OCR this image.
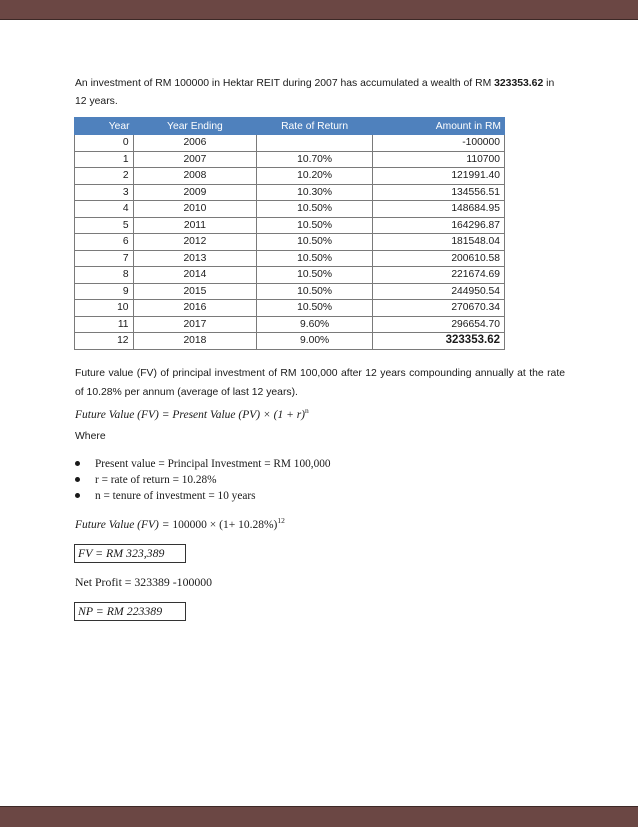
An investment of RM 100000 in Hektar REIT during 2007 has accumulated a wealth of RM 323353.62 in 12 years.
Year	Year Ending	Rate of Return	Amount in RM
0	2006		-100000
1	2007	10.70%	110700
2	2008	10.20%	121991.40
3	2009	10.30%	134556.51
4	2010	10.50%	148684.95
5	2011	10.50%	164296.87
6	2012	10.50%	181548.04
7	2013	10.50%	200610.58
8	2014	10.50%	221674.69
9	2015	10.50%	244950.54
10	2016	10.50%	270670.34
11	2017	9.60%	296654.70
12	2018	9.00%	323353.62
Future value (FV) of principal investment of RM 100,000 after 12 years compounding annually at the rate of 10.28% per annum (average of last 12 years).
Future Value (FV) = Present Value $(PV) \times (1 + r)^n$
Where
Present value = Principal Investment = RM 100,000
r = rate of return = 10.28%
n = tenure of investment = 10 years
Future Value $(FV) = 100000 \times (1+ 10.28\%)^{12}$
FV = RM 323,389
Net Profit = 323389 -100000
NP = RM 223389
